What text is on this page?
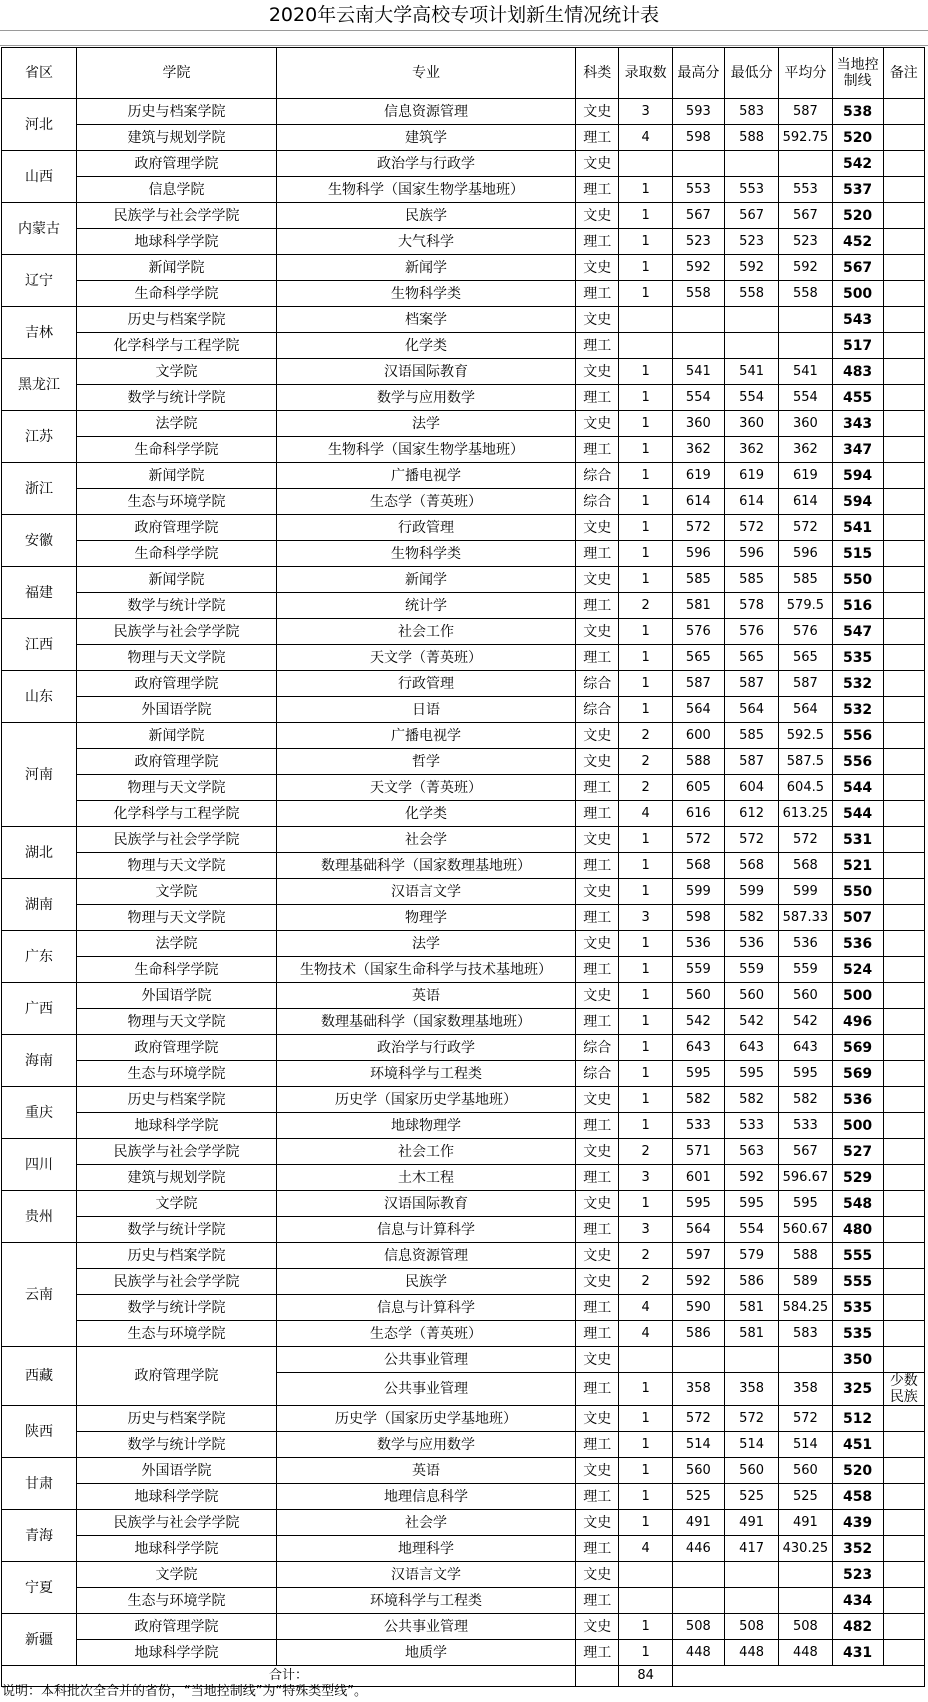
2020年云南大学高校专项计划新生情况统计表
省区	学院	专业	科类	录取数	最高分	最低分	平均分	当地控制线	备注
河北	历史与档案学院	信息资源管理	文史	3	593	583	587	538	
	建筑与规划学院	建筑学	理工	4	598	588	592.75	520	
山西	政府管理学院	政治学与行政学	文史					542	
	信息学院	生物科学（国家生物学基地班）	理工	1	553	553	553	537	
内蒙古	民族学与社会学学院	民族学	文史	1	567	567	567	520	
	地球科学学院	大气科学	理工	1	523	523	523	452	
辽宁	新闻学院	新闻学	文史	1	592	592	592	567	
	生命科学学院	生物科学类	理工	1	558	558	558	500	
吉林	历史与档案学院	档案学	文史					543	
	化学科学与工程学院	化学类	理工					517	
黑龙江	文学院	汉语国际教育	文史	1	541	541	541	483	
	数学与统计学院	数学与应用数学	理工	1	554	554	554	455	
江苏	法学院	法学	文史	1	360	360	360	343	
	生命科学学院	生物科学（国家生物学基地班）	理工	1	362	362	362	347	
浙江	新闻学院	广播电视学	综合	1	619	619	619	594	
	生态与环境学院	生态学（菁英班）	综合	1	614	614	614	594	
安徽	政府管理学院	行政管理	文史	1	572	572	572	541	
	生命科学学院	生物科学类	理工	1	596	596	596	515	
福建	新闻学院	新闻学	文史	1	585	585	585	550	
	数学与统计学院	统计学	理工	2	581	578	579.5	516	
江西	民族学与社会学学院	社会工作	文史	1	576	576	576	547	
	物理与天文学院	天文学（菁英班）	理工	1	565	565	565	535	
山东	政府管理学院	行政管理	综合	1	587	587	587	532	
	外国语学院	日语	综合	1	564	564	564	532	
河南	新闻学院	广播电视学	文史	2	600	585	592.5	556	
	政府管理学院	哲学	文史	2	588	587	587.5	556	
	物理与天文学院	天文学（菁英班）	理工	2	605	604	604.5	544	
	化学科学与工程学院	化学类	理工	4	616	612	613.25	544	
湖北	民族学与社会学学院	社会学	文史	1	572	572	572	531	
	物理与天文学院	数理基础科学（国家数理基地班）	理工	1	568	568	568	521	
湖南	文学院	汉语言文学	文史	1	599	599	599	550	
	物理与天文学院	物理学	理工	3	598	582	587.33	507	
广东	法学院	法学	文史	1	536	536	536	536	
	生命科学学院	生物技术（国家生命科学与技术基地班）	理工	1	559	559	559	524	
广西	外国语学院	英语	文史	1	560	560	560	500	
	物理与天文学院	数理基础科学（国家数理基地班）	理工	1	542	542	542	496	
海南	政府管理学院	政治学与行政学	综合	1	643	643	643	569	
	生态与环境学院	环境科学与工程类	综合	1	595	595	595	569	
重庆	历史与档案学院	历史学（国家历史学基地班）	文史	1	582	582	582	536	
	地球科学学院	地球物理学	理工	1	533	533	533	500	
四川	民族学与社会学学院	社会工作	文史	2	571	563	567	527	
	建筑与规划学院	土木工程	理工	3	601	592	596.67	529	
贵州	文学院	汉语国际教育	文史	1	595	595	595	548	
	数学与统计学院	信息与计算科学	理工	3	564	554	560.67	480	
云南	历史与档案学院	信息资源管理	文史	2	597	579	588	555	
	民族学与社会学学院	民族学	文史	2	592	586	589	555	
	数学与统计学院	信息与计算科学	理工	4	590	581	584.25	535	
	生态与环境学院	生态学（菁英班）	理工	4	586	581	583	535	
西藏	政府管理学院	公共事业管理	文史					350	
		公共事业管理	理工	1	358	358	358	325	少数民族
陕西	历史与档案学院	历史学（国家历史学基地班）	文史	1	572	572	572	512	
	数学与统计学院	数学与应用数学	理工	1	514	514	514	451	
甘肃	外国语学院	英语	文史	1	560	560	560	520	
	地球科学学院	地理信息科学	理工	1	525	525	525	458	
青海	民族学与社会学学院	社会学	文史	1	491	491	491	439	
	地球科学学院	地理科学	理工	4	446	417	430.25	352	
宁夏	文学院	汉语言文学	文史					523	
	生态与环境学院	环境科学与工程类	理工					434	
新疆	政府管理学院	公共事业管理	文史	1	508	508	508	482	
	地球科学学院	地质学	理工	1	448	448	448	431	
合计：				84					
说明：本科批次全合并的省份，“当地控制线”为“特殊类型线”。
